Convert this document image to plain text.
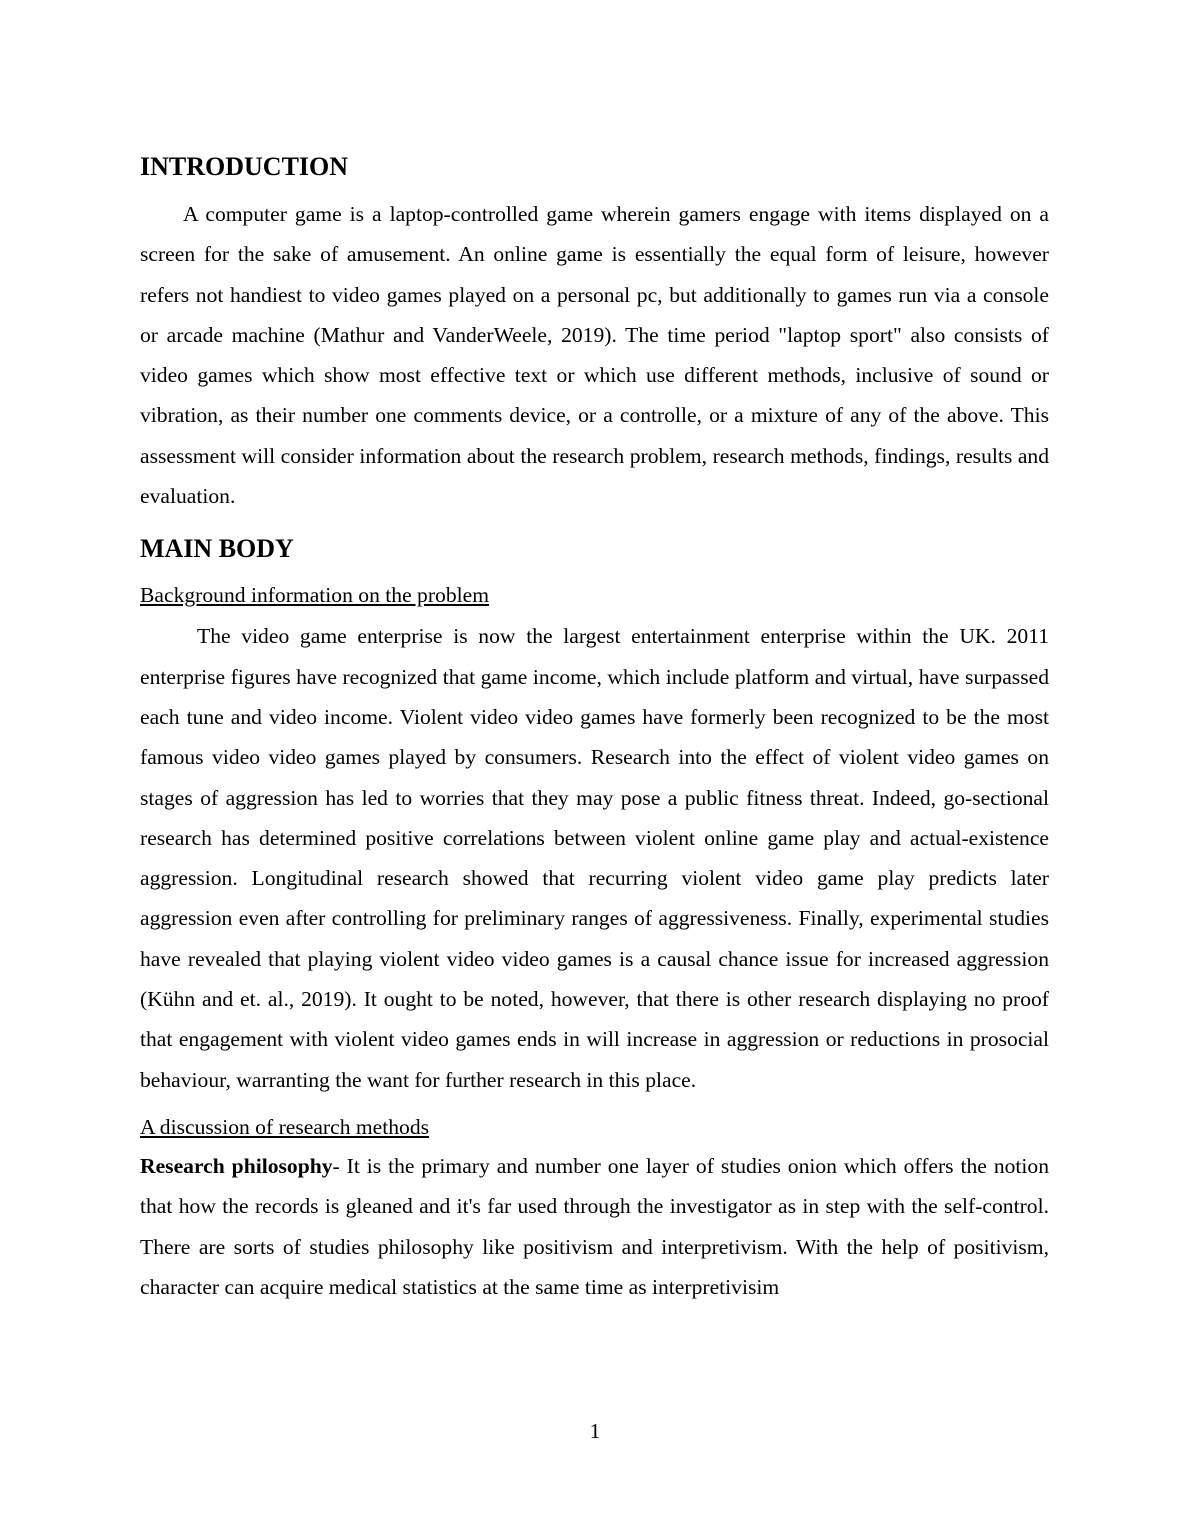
INTRODUCTION

A computer game is a laptop-controlled game wherein gamers engage with items displayed on a screen for the sake of amusement. An online game is essentially the equal form of leisure, however refers not handiest to video games played on a personal pc, but additionally to games run via a console or arcade machine (Mathur and VanderWeele, 2019). The time period "laptop sport" also consists of video games which show most effective text or which use different methods, inclusive of sound or vibration, as their number one comments device, or a controlle, or a mixture of any of the above. This assessment will consider information about the research problem, research methods, findings, results and evaluation.

MAIN BODY
Background information on the problem

The video game enterprise is now the largest entertainment enterprise within the UK. 2011 enterprise figures have recognized that game income, which include platform and virtual, have surpassed each tune and video income. Violent video video games have formerly been recognized to be the most famous video video games played by consumers. Research into the effect of violent video games on stages of aggression has led to worries that they may pose a public fitness threat. Indeed, go-sectional research has determined positive correlations between violent online game play and actual-existence aggression. Longitudinal research showed that recurring violent video game play predicts later aggression even after controlling for preliminary ranges of aggressiveness. Finally, experimental studies have revealed that playing violent video video games is a causal chance issue for increased aggression (Kühn and et. al., 2019). It ought to be noted, however, that there is other research displaying no proof that engagement with violent video games ends in will increase in aggression or reductions in prosocial behaviour, warranting the want for further research in this place.

A discussion of research methods

Research philosophy- It is the primary and number one layer of studies onion which offers the notion that how the records is gleaned and it's far used through the investigator as in step with the self-control. There are sorts of studies philosophy like positivism and interpretivism. With the help of positivism, character can acquire medical statistics at the same time as interpretivisim

1
